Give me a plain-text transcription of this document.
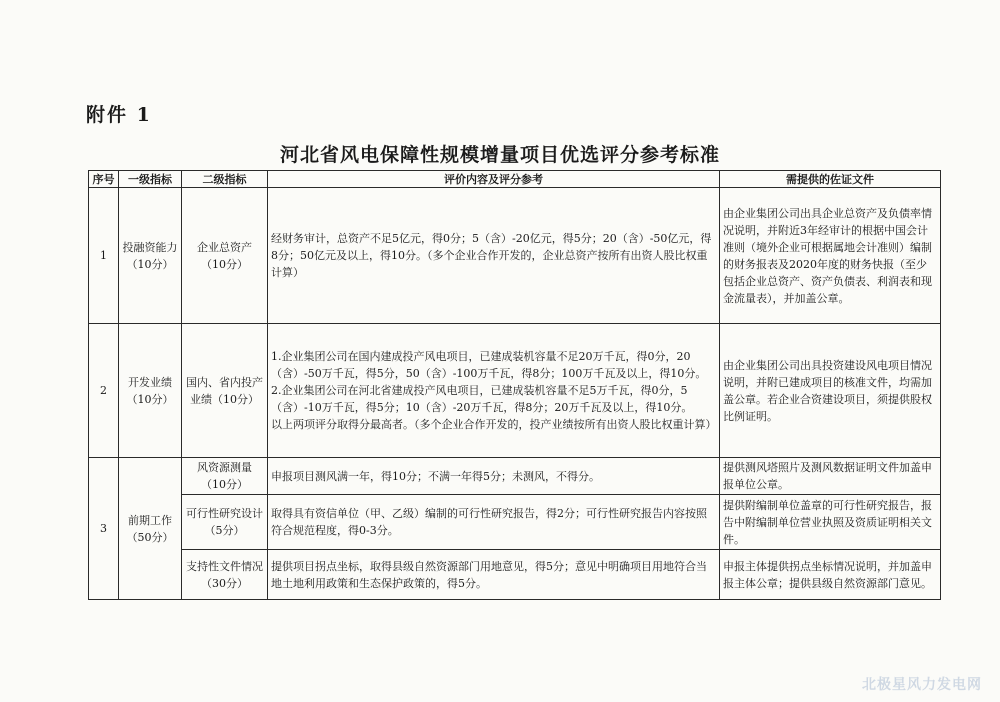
附件 1
河北省风电保障性规模增量项目优选评分参考标准
序号	一级指标	二级指标	评价内容及评分参考	需提供的佐证文件
1	投融资能力（10分）	企业总资产（10分）	经财务审计，总资产不足5亿元，得0分；5（含）-20亿元，得5分；20（含）-50亿元，得8分；50亿元及以上，得10分。（多个企业合作开发的，企业总资产按所有出资人股比权重计算）	由企业集团公司出具企业总资产及负债率情况说明，并附近3年经审计的根据中国会计准则（境外企业可根据属地会计准则）编制的财务报表及2020年度的财务快报（至少包括企业总资产、资产负债表、利润表和现金流量表），并加盖公章。
2	开发业绩（10分）	国内、省内投产业绩（10分）	1.企业集团公司在国内建成投产风电项目，已建成装机容量不足20万千瓦，得0分，20（含）-50万千瓦，得5分，50（含）-100万千瓦，得8分；100万千瓦及以上，得10分。
2.企业集团公司在河北省建成投产风电项目，已建成装机容量不足5万千瓦，得0分，5（含）-10万千瓦，得5分；10（含）-20万千瓦，得8分；20万千瓦及以上，得10分。
以上两项评分取得分最高者。（多个企业合作开发的，投产业绩按所有出资人股比权重计算）	由企业集团公司出具投资建设风电项目情况说明，并附已建成项目的核准文件，均需加盖公章。若企业合资建设项目，须提供股权比例证明。
3	前期工作（50分）	风资源测量（10分）	申报项目测风满一年，得10分；不满一年得5分；未测风，不得分。	提供测风塔照片及测风数据证明文件加盖申报单位公章。
		可行性研究设计（5分）	取得具有资信单位（甲、乙级）编制的可行性研究报告，得2分；可行性研究报告内容按照符合规范程度，得0-3分。	提供附编制单位盖章的可行性研究报告，报告中附编制单位营业执照及资质证明相关文件。
		支持性文件情况（30分）	提供项目拐点坐标，取得县级自然资源部门用地意见，得5分；意见中明确项目用地符合当地土地利用政策和生态保护政策的，得5分。	申报主体提供拐点坐标情况说明，并加盖申报主体公章；提供县级自然资源部门意见。
北极星风力发电网
